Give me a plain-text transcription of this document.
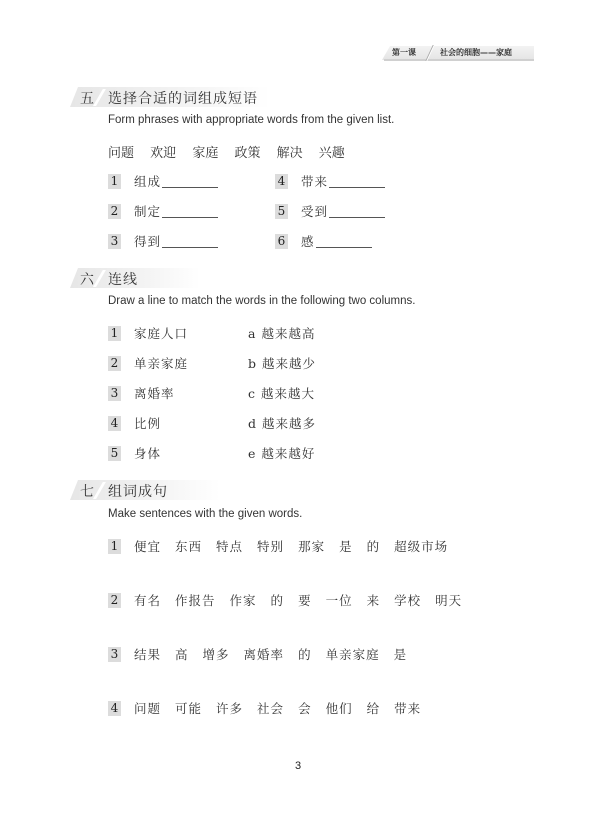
第一课	社会的细胞——家庭
五 选择合适的词组成短语
Form phrases with appropriate words from the given list.
问题 欢迎 家庭 政策 解决 兴趣
1 组成
2 制定
3 得到
4 带来
5 受到
6 感
六 连线
Draw a line to match the words in the following two columns.
1 家庭人口
2 单亲家庭
3 离婚率
4 比例
5 身体
a 越来越高
b 越来越少
c 越来越大
d 越来越多
e 越来越好
七 组词成句
Make sentences with the given words.
1 便宜 东西 特点 特别 那家 是 的 超级市场
2 有名 作报告 作家 的 要 一位 来 学校 明天
3 结果 高 增多 离婚率 的 单亲家庭 是
4 问题 可能 许多 社会 会 他们 给 带来
3
